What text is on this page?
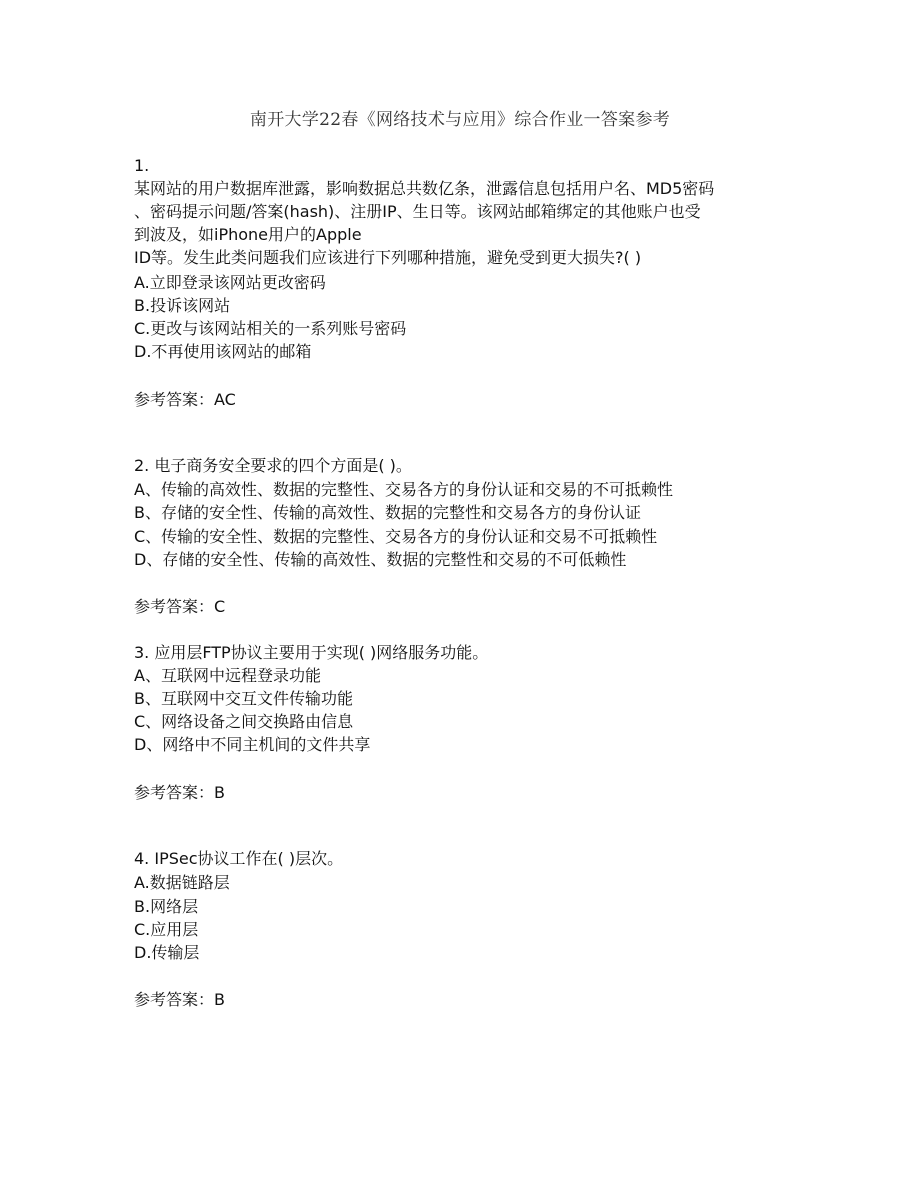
南开大学22春《网络技术与应用》综合作业一答案参考
1.
某网站的用户数据库泄露，影响数据总共数亿条，泄露信息包括用户名、MD5密码
、密码提示问题/答案(hash)、注册IP、生日等。该网站邮箱绑定的其他账户也受
到波及，如iPhone用户的Apple
ID等。发生此类问题我们应该进行下列哪种措施，避免受到更大损失?( )
A.立即登录该网站更改密码
B.投诉该网站
C.更改与该网站相关的一系列账号密码
D.不再使用该网站的邮箱
参考答案：AC
2. 电子商务安全要求的四个方面是( )。
A、传输的高效性、数据的完整性、交易各方的身份认证和交易的不可抵赖性
B、存储的安全性、传输的高效性、数据的完整性和交易各方的身份认证
C、传输的安全性、数据的完整性、交易各方的身份认证和交易不可抵赖性
D、存储的安全性、传输的高效性、数据的完整性和交易的不可低赖性
参考答案：C
3. 应用层FTP协议主要用于实现( )网络服务功能。
A、互联网中远程登录功能
B、互联网中交互文件传输功能
C、网络设备之间交换路由信息
D、网络中不同主机间的文件共享
参考答案：B
4. IPSec协议工作在( )层次。
A.数据链路层
B.网络层
C.应用层
D.传输层
参考答案：B
